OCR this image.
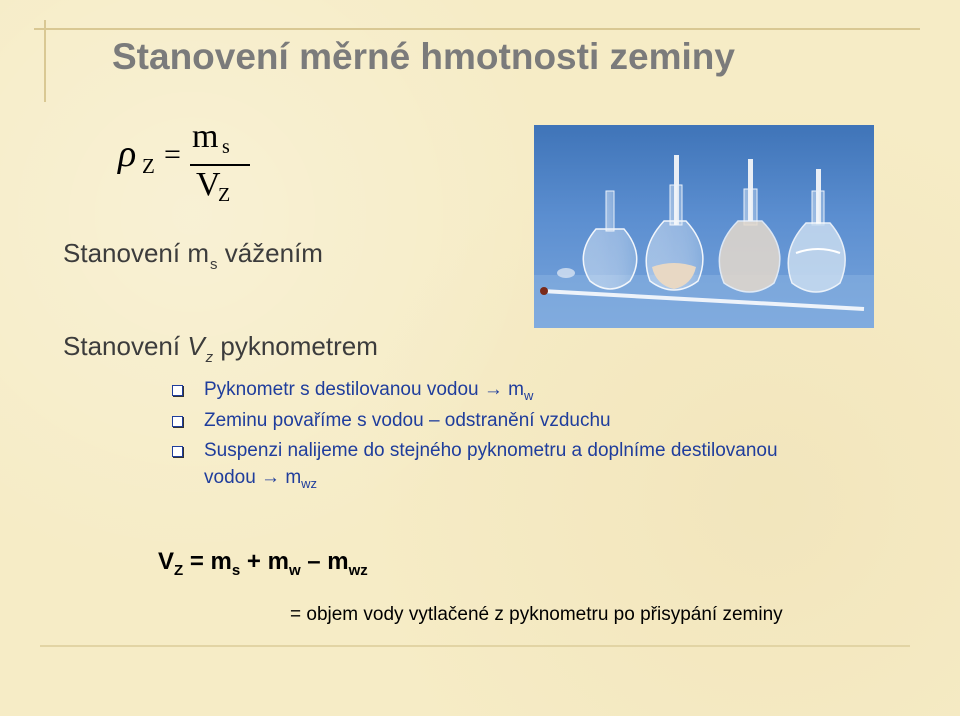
Stanovení měrné hmotnosti zeminy
ρ Z = m s
V
Z
Stanovení $m_s$ vážením
Stanovení $V_z$ pyknometrem
Pyknometr s destilovanou vodou → $m_w$
Zeminu povaříme s vodou – odstranění vzduchu
Suspenzi nalijeme do stejného pyknometru a doplníme destilovanou vodou → $m_{wz}$
$V_Z = m_s + m_w - m_{wz}$
= objem vody vytlačené z pyknometru po přisypání zeminy
